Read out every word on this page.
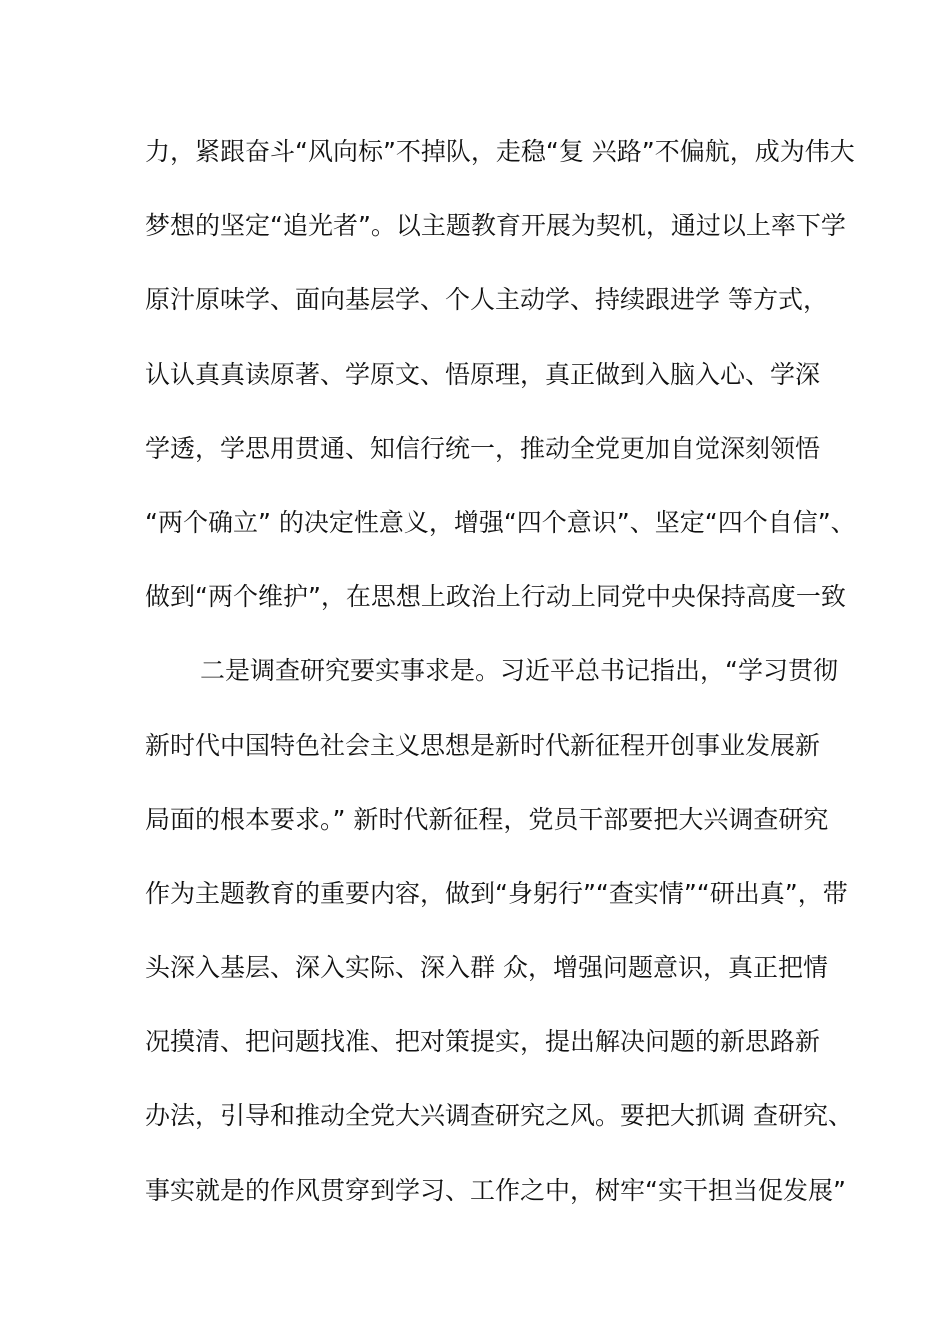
力，紧跟奋斗“风向标”不掉队，走稳“复 兴路”不偏航，成为伟大
梦想的坚定“追光者”。以主题教育开展为契机，通过以上率下学
原汁原味学、面向基层学、个人主动学、持续跟进学 等方式，
认认真真读原著、学原文、悟原理，真正做到入脑入心、学深
学透，学思用贯通、知信行统一，推动全党更加自觉深刻领悟
“两个确立” 的决定性意义，增强“四个意识”、坚定“四个自信”、
做到“两个维护”，在思想上政治上行动上同党中央保持高度一致
二是调查研究要实事求是。习近平总书记指出，“学习贯彻
新时代中国特色社会主义思想是新时代新征程开创事业发展新
局面的根本要求。” 新时代新征程，党员干部要把大兴调查研究
作为主题教育的重要内容，做到“身躬行”“查实情”“研出真”，带
头深入基层、深入实际、深入群 众，增强问题意识，真正把情
况摸清、把问题找准、把对策提实，提出解决问题的新思路新
办法，引导和推动全党大兴调查研究之风。要把大抓调 查研究、
事实就是的作风贯穿到学习、工作之中，树牢“实干担当促发展”
